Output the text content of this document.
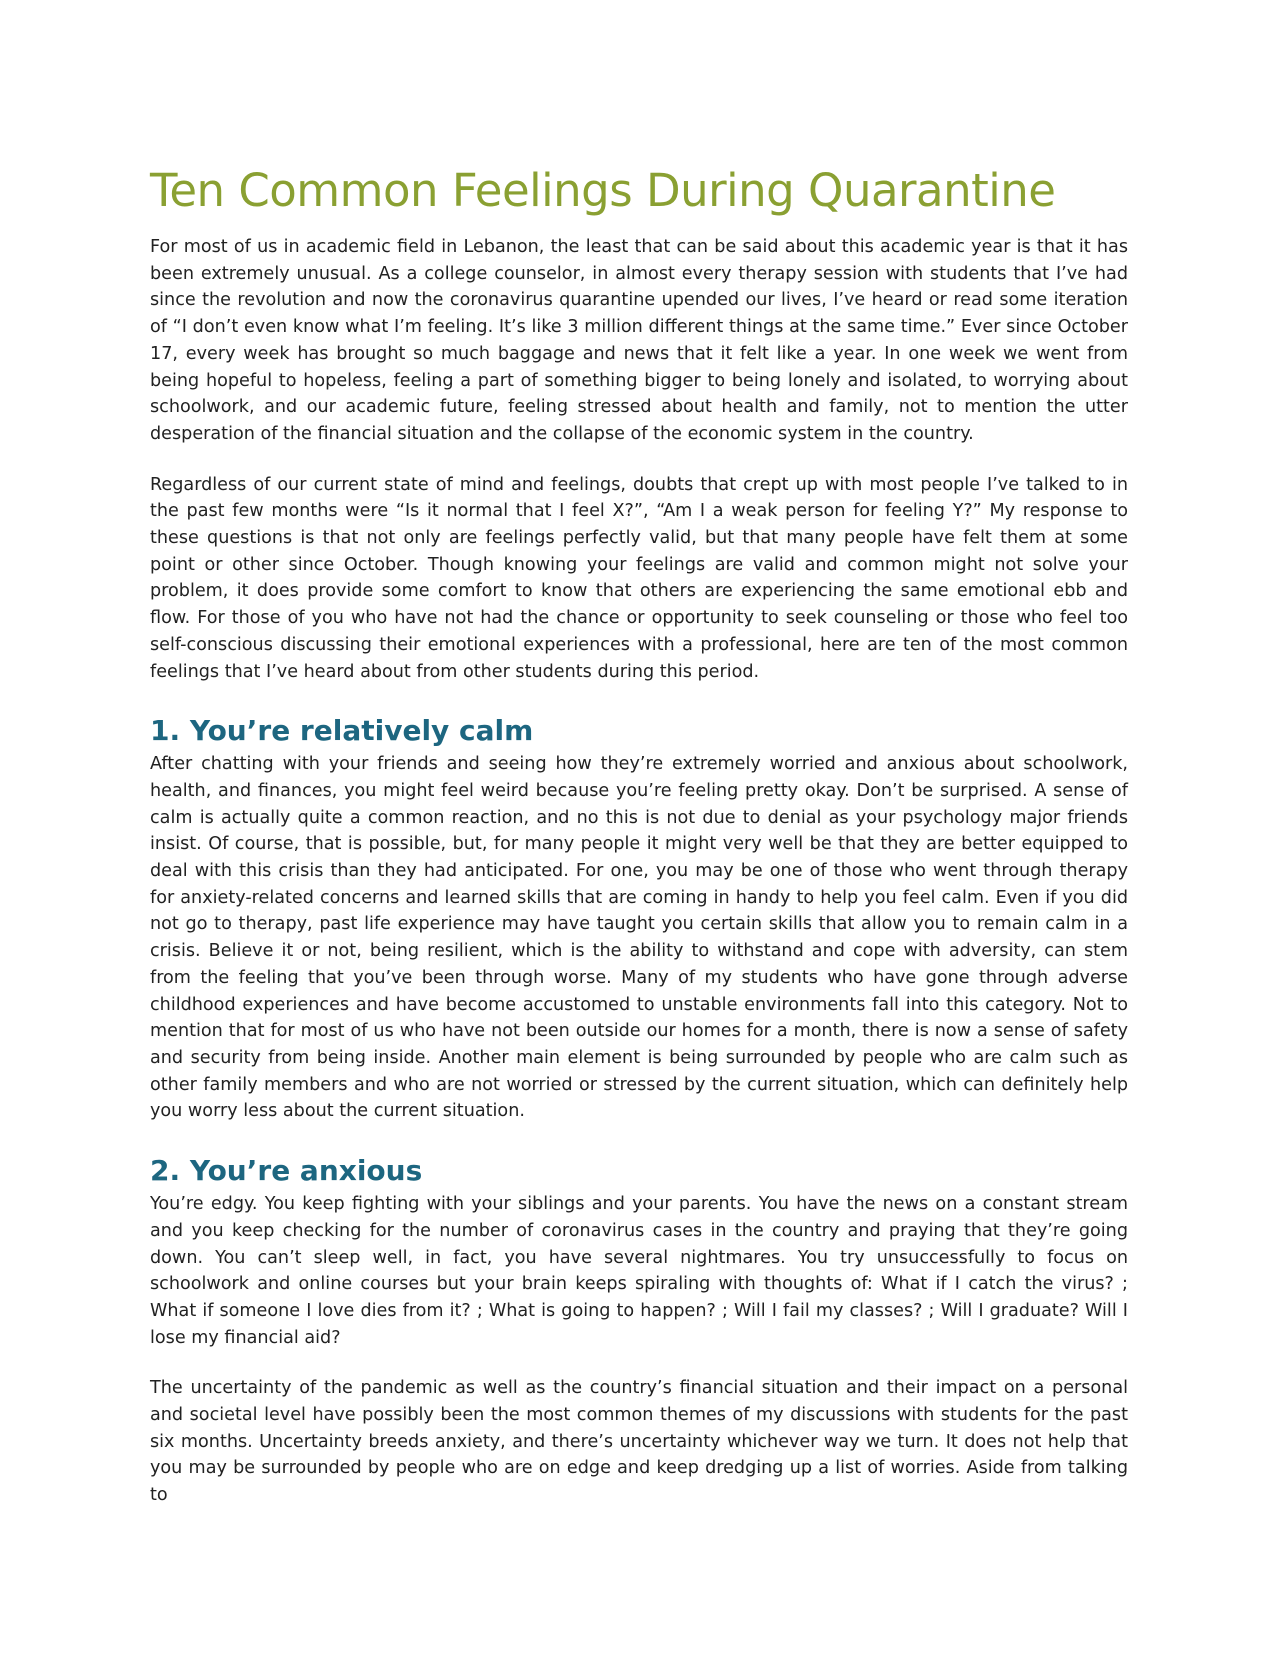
Ten Common Feelings During Quarantine

For most of us in academic field in Lebanon, the least that can be said about this academic year is that it has been extremely unusual. As a college counselor, in almost every therapy session with students that I’ve had since the revolution and now the coronavirus quarantine upended our lives, I’ve heard or read some iteration of “I don’t even know what I’m feeling. It’s like 3 million different things at the same time.” Ever since October 17, every week has brought so much baggage and news that it felt like a year. In one week we went from being hopeful to hopeless, feeling a part of something bigger to being lonely and isolated, to worrying about schoolwork, and our academic future, feeling stressed about health and family, not to mention the utter desperation of the financial situation and the collapse of the economic system in the country.

Regardless of our current state of mind and feelings, doubts that crept up with most people I’ve talked to in the past few months were “Is it normal that I feel X?”, “Am I a weak person for feeling Y?” My response to these questions is that not only are feelings perfectly valid, but that many people have felt them at some point or other since October. Though knowing your feelings are valid and common might not solve your problem, it does provide some comfort to know that others are experiencing the same emotional ebb and flow. For those of you who have not had the chance or opportunity to seek counseling or those who feel too self-conscious discussing their emotional experiences with a professional, here are ten of the most common feelings that I’ve heard about from other students during this period.

1. You’re relatively calm

After chatting with your friends and seeing how they’re extremely worried and anxious about schoolwork, health, and finances, you might feel weird because you’re feeling pretty okay. Don’t be surprised. A sense of calm is actually quite a common reaction, and no this is not due to denial as your psychology major friends insist. Of course, that is possible, but, for many people it might very well be that they are better equipped to deal with this crisis than they had anticipated. For one, you may be one of those who went through therapy for anxiety-related concerns and learned skills that are coming in handy to help you feel calm. Even if you did not go to therapy, past life experience may have taught you certain skills that allow you to remain calm in a crisis. Believe it or not, being resilient, which is the ability to withstand and cope with adversity, can stem from the feeling that you’ve been through worse. Many of my students who have gone through adverse childhood experiences and have become accustomed to unstable environments fall into this category. Not to mention that for most of us who have not been outside our homes for a month, there is now a sense of safety and security from being inside. Another main element is being surrounded by people who are calm such as other family members and who are not worried or stressed by the current situation, which can definitely help you worry less about the current situation.

2. You’re anxious

You’re edgy. You keep fighting with your siblings and your parents. You have the news on a constant stream and you keep checking for the number of coronavirus cases in the country and praying that they’re going down. You can’t sleep well, in fact, you have several nightmares. You try unsuccessfully to focus on schoolwork and online courses but your brain keeps spiraling with thoughts of: What if I catch the virus? ; What if someone I love dies from it? ; What is going to happen? ; Will I fail my classes? ; Will I graduate? Will I lose my financial aid?

The uncertainty of the pandemic as well as the country’s financial situation and their impact on a personal and societal level have possibly been the most common themes of my discussions with students for the past six months. Uncertainty breeds anxiety, and there’s uncertainty whichever way we turn. It does not help that you may be surrounded by people who are on edge and keep dredging up a list of worries. Aside from talking to
